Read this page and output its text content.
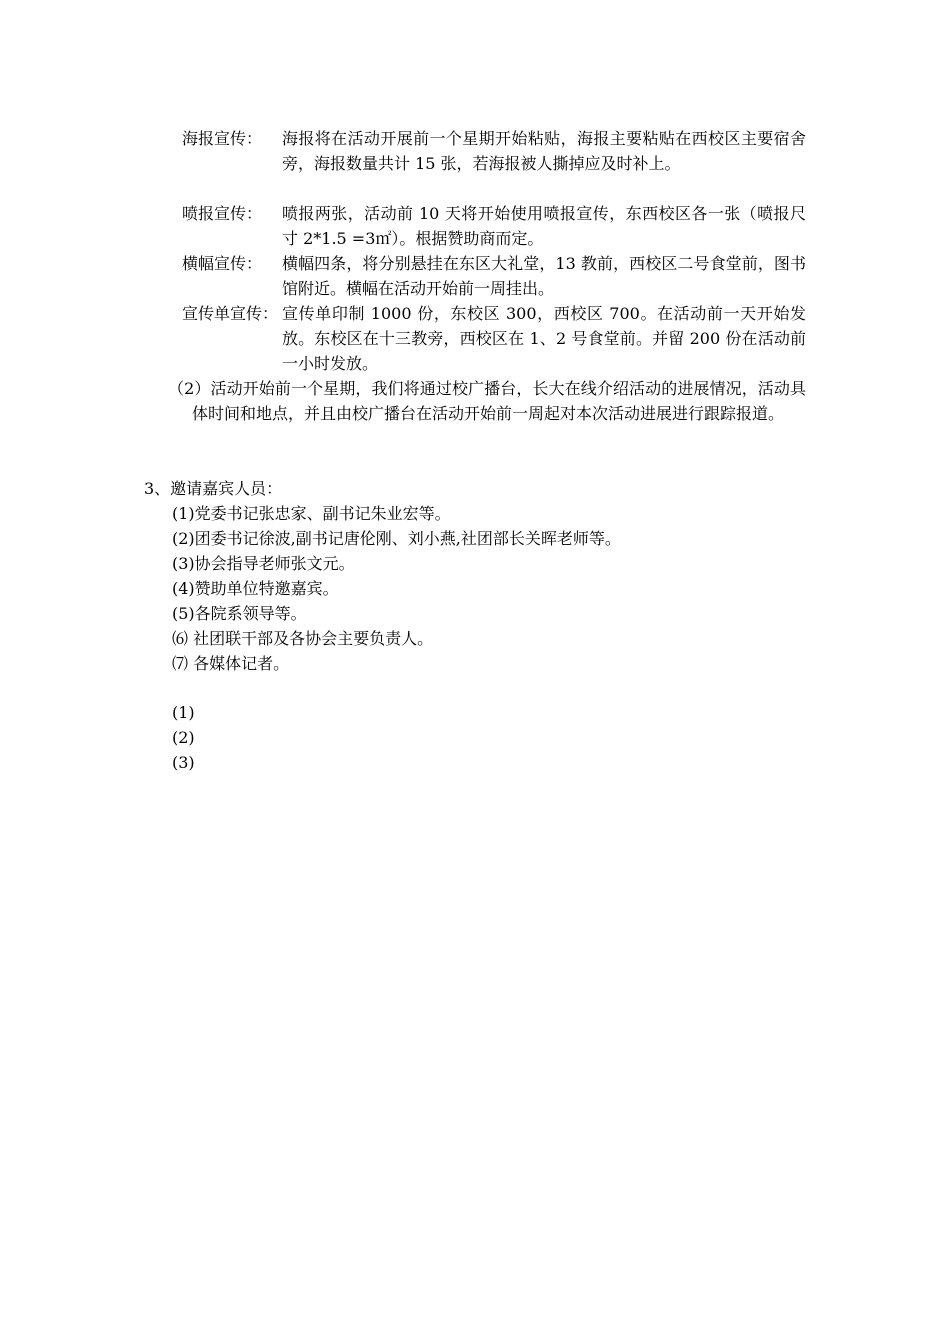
海报宣传：	海报将在活动开展前一个星期开始粘贴，海报主要粘贴在西校区主要宿舍旁，海报数量共计 15 张，若海报被人撕掉应及时补上。
喷报宣传：	喷报两张，活动前 10 天将开始使用喷报宣传，东西校区各一张（喷报尺寸 2*1.5 =3㎡）。根据赞助商而定。
横幅宣传：	横幅四条，将分别悬挂在东区大礼堂，13 教前，西校区二号食堂前，图书馆附近。横幅在活动开始前一周挂出。
宣传单宣传： 宣传单印制 1000 份，东校区 300，西校区 700。在活动前一天开始发放。东校区在十三教旁，西校区在 1、2 号食堂前。并留 200 份在活动前一小时发放。
（2）活动开始前一个星期，我们将通过校广播台，长大在线介绍活动的进展情况，活动具体时间和地点，并且由校广播台在活动开始前一周起对本次活动进展进行跟踪报道。
3、邀请嘉宾人员：
(1)党委书记张忠家、副书记朱业宏等。
(2)团委书记徐波,副书记唐伦刚、刘小燕,社团部长关晖老师等。
(3)协会指导老师张文元。
(4)赞助单位特邀嘉宾。
(5)各院系领导等。
⑹ 社团联干部及各协会主要负责人。
⑺ 各媒体记者。
(1)
(2)
(3)
